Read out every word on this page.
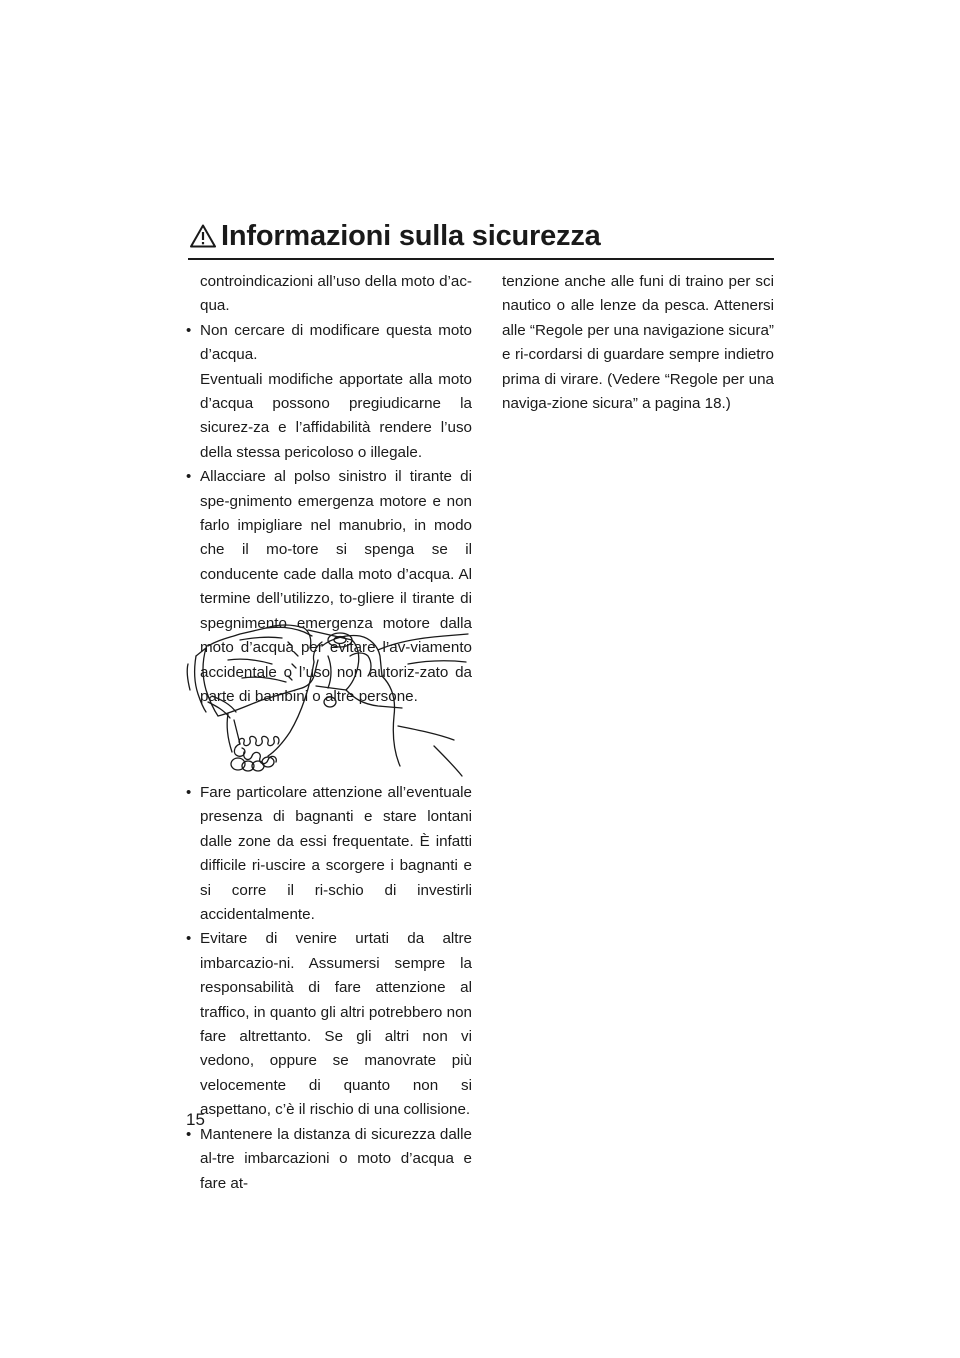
Informazioni sulla sicurezza

controindicazioni all’uso della moto d’ac-qua.

• Non cercare di modificare questa moto d’acqua.

Eventuali modifiche apportate alla moto d’acqua possono pregiudicarne la sicurez-za e l’affidabilità rendere l’uso della stessa pericoloso o illegale.

• Allacciare al polso sinistro il tirante di spe-gnimento emergenza motore e non farlo impigliare nel manubrio, in modo che il mo-tore si spenga se il conducente cade dalla moto d’acqua. Al termine dell’utilizzo, to-gliere il tirante di spegnimento emergenza motore dalla moto d’acqua per evitare l’av-viamento accidentale o l’uso non autoriz-zato da parte di bambini o altre persone.

• Fare particolare attenzione all’eventuale presenza di bagnanti e stare lontani dalle zone da essi frequentate. È infatti difficile ri-uscire a scorgere i bagnanti e si corre il ri-schio di investirli accidentalmente.

• Evitare di venire urtati da altre imbarcazio-ni. Assumersi sempre la responsabilità di fare attenzione al traffico, in quanto gli altri potrebbero non fare altrettanto. Se gli altri non vi vedono, oppure se manovrate più velocemente di quanto non si aspettano, c’è il rischio di una collisione.

• Mantenere la distanza di sicurezza dalle al-tre imbarcazioni o moto d’acqua e fare at-

tenzione anche alle funi di traino per sci nautico o alle lenze da pesca. Attenersi alle “Regole per una navigazione sicura” e ri-cordarsi di guardare sempre indietro prima di virare. (Vedere “Regole per una naviga-zione sicura” a pagina 18.)

15
